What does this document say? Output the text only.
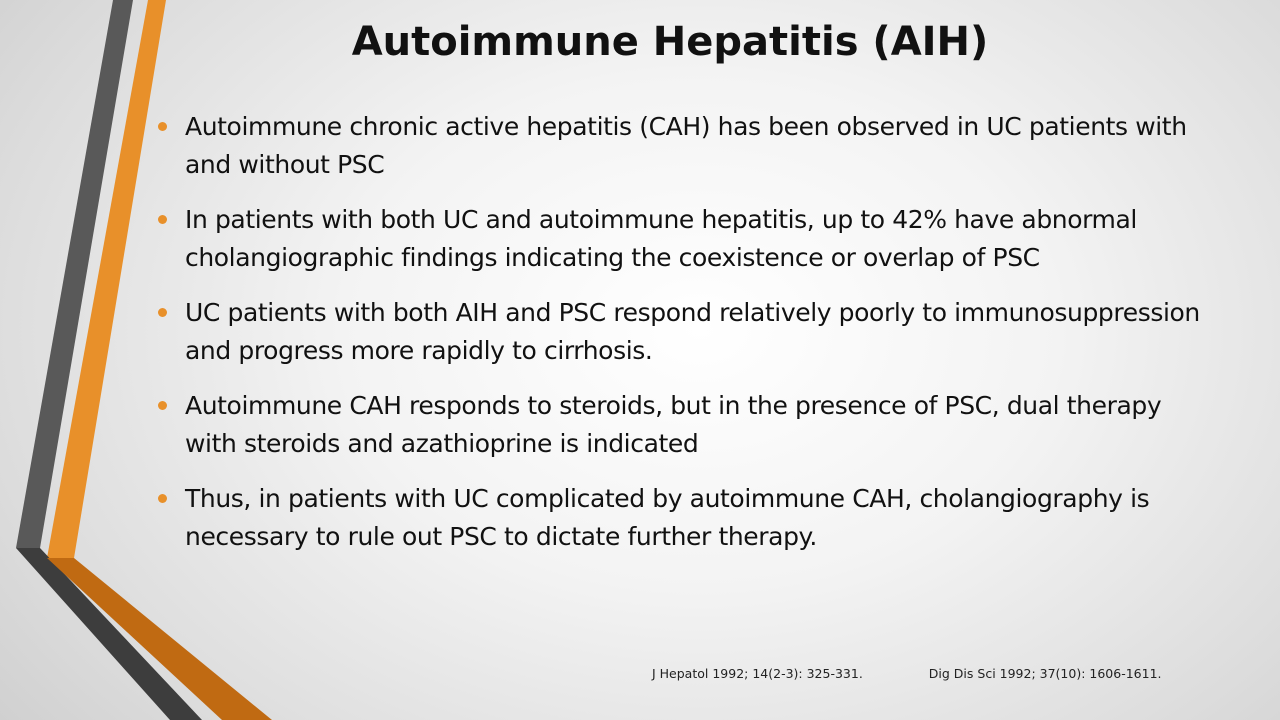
Autoimmune Hepatitis (AIH)
Autoimmune chronic active hepatitis (CAH) has been observed in UC patients with and without PSC
In patients with both UC and autoimmune hepatitis, up to 42% have abnormal cholangiographic findings indicating the coexistence or overlap of PSC
UC patients with both AIH and PSC respond relatively poorly to immunosuppression and progress more rapidly to cirrhosis.
Autoimmune CAH responds to steroids, but in the presence of PSC, dual therapy with steroids and azathioprine is indicated
Thus, in patients with UC complicated by autoimmune CAH, cholangiography is necessary to rule out PSC to dictate further therapy.
J Hepatol 1992; 14(2-3): 325-331.	Dig Dis Sci 1992; 37(10): 1606-1611.
